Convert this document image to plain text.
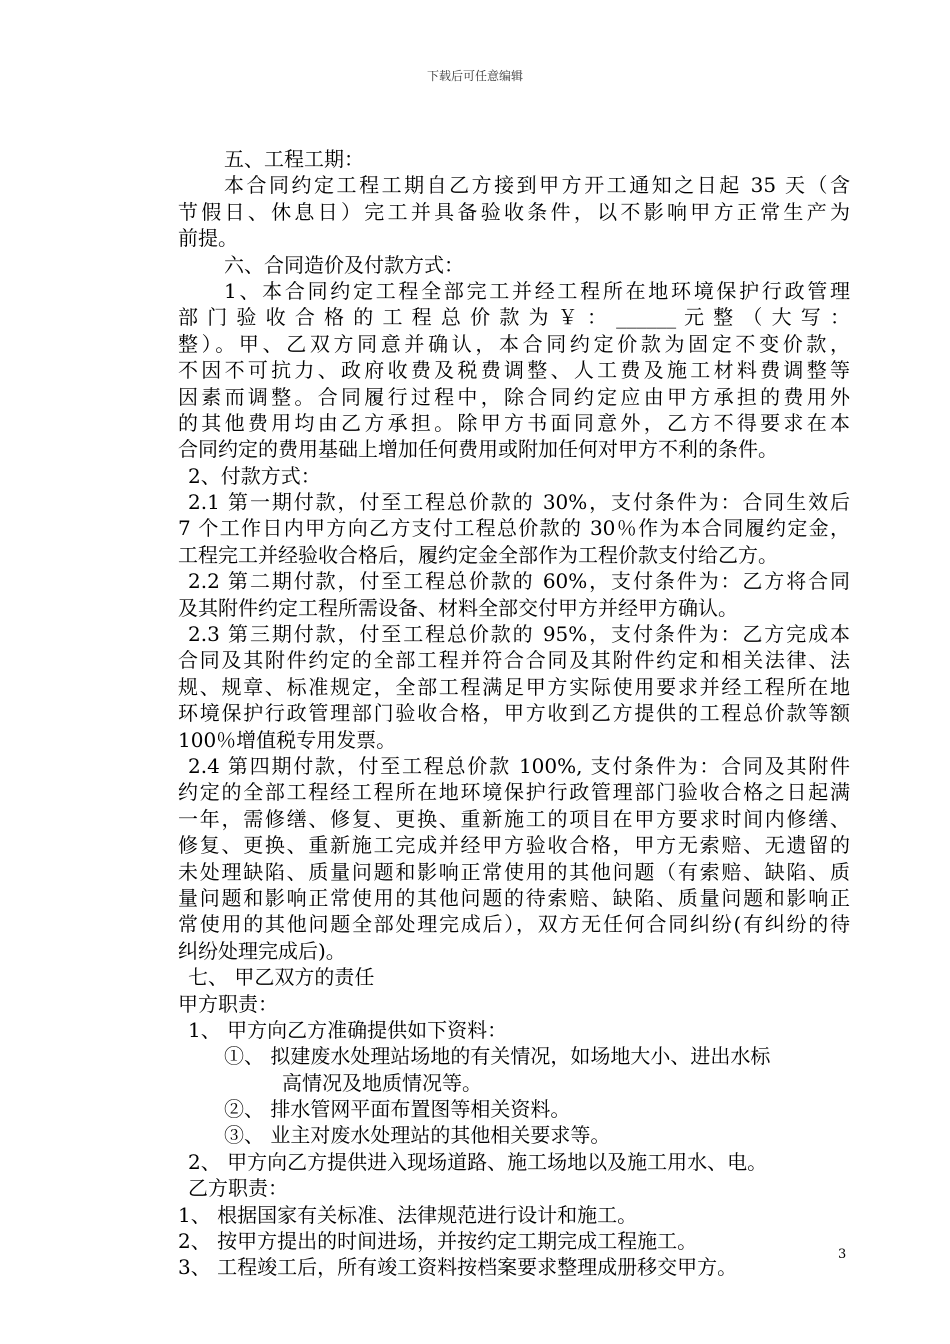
下载后可任意编辑
五、工程工期：
本合同约定工程工期自乙方接到甲方开工通知之日起 35 天（含
节假日、休息日）完工并具备验收条件，以不影响甲方正常生产为
前提。
六、合同造价及付款方式：
1、本合同约定工程全部完工并经工程所在地环境保护行政管理
部 门 验 收 合 格 的 工 程 总 价 款 为 ￥ ： ______ 元 整 （ 大 写 ：
整）。甲、乙双方同意并确认，本合同约定价款为固定不变价款，
不因不可抗力、政府收费及税费调整、人工费及施工材料费调整等
因素而调整。合同履行过程中，除合同约定应由甲方承担的费用外
的其他费用均由乙方承担。除甲方书面同意外，乙方不得要求在本
合同约定的费用基础上增加任何费用或附加任何对甲方不利的条件。
2、付款方式：
2.1 第一期付款，付至工程总价款的 30%，支付条件为：合同生效后
7 个工作日内甲方向乙方支付工程总价款的 30％作为本合同履约定金，
工程完工并经验收合格后，履约定金全部作为工程价款支付给乙方。
2.2 第二期付款，付至工程总价款的 60%，支付条件为：乙方将合同
及其附件约定工程所需设备、材料全部交付甲方并经甲方确认。
2.3 第三期付款，付至工程总价款的 95%，支付条件为：乙方完成本
合同及其附件约定的全部工程并符合合同及其附件约定和相关法律、法
规、规章、标准规定，全部工程满足甲方实际使用要求并经工程所在地
环境保护行政管理部门验收合格，甲方收到乙方提供的工程总价款等额
100％增值税专用发票。
2.4 第四期付款，付至工程总价款 100%, 支付条件为：合同及其附件
约定的全部工程经工程所在地环境保护行政管理部门验收合格之日起满
一年，需修缮、修复、更换、重新施工的项目在甲方要求时间内修缮、
修复、更换、重新施工完成并经甲方验收合格，甲方无索赔、无遗留的
未处理缺陷、质量问题和影响正常使用的其他问题（有索赔、缺陷、质
量问题和影响正常使用的其他问题的待索赔、缺陷、质量问题和影响正
常使用的其他问题全部处理完成后），双方无任何合同纠纷(有纠纷的待
纠纷处理完成后)。
七、 甲乙双方的责任
甲方职责：
1、 甲方向乙方准确提供如下资料：
①、 拟建废水处理站场地的有关情况，如场地大小、进出水标
高情况及地质情况等。
②、 排水管网平面布置图等相关资料。
③、 业主对废水处理站的其他相关要求等。
2、 甲方向乙方提供进入现场道路、施工场地以及施工用水、电。
乙方职责：
1、 根据国家有关标准、法律规范进行设计和施工。
2、 按甲方提出的时间进场，并按约定工期完成工程施工。
3、 工程竣工后，所有竣工资料按档案要求整理成册移交甲方。
3
